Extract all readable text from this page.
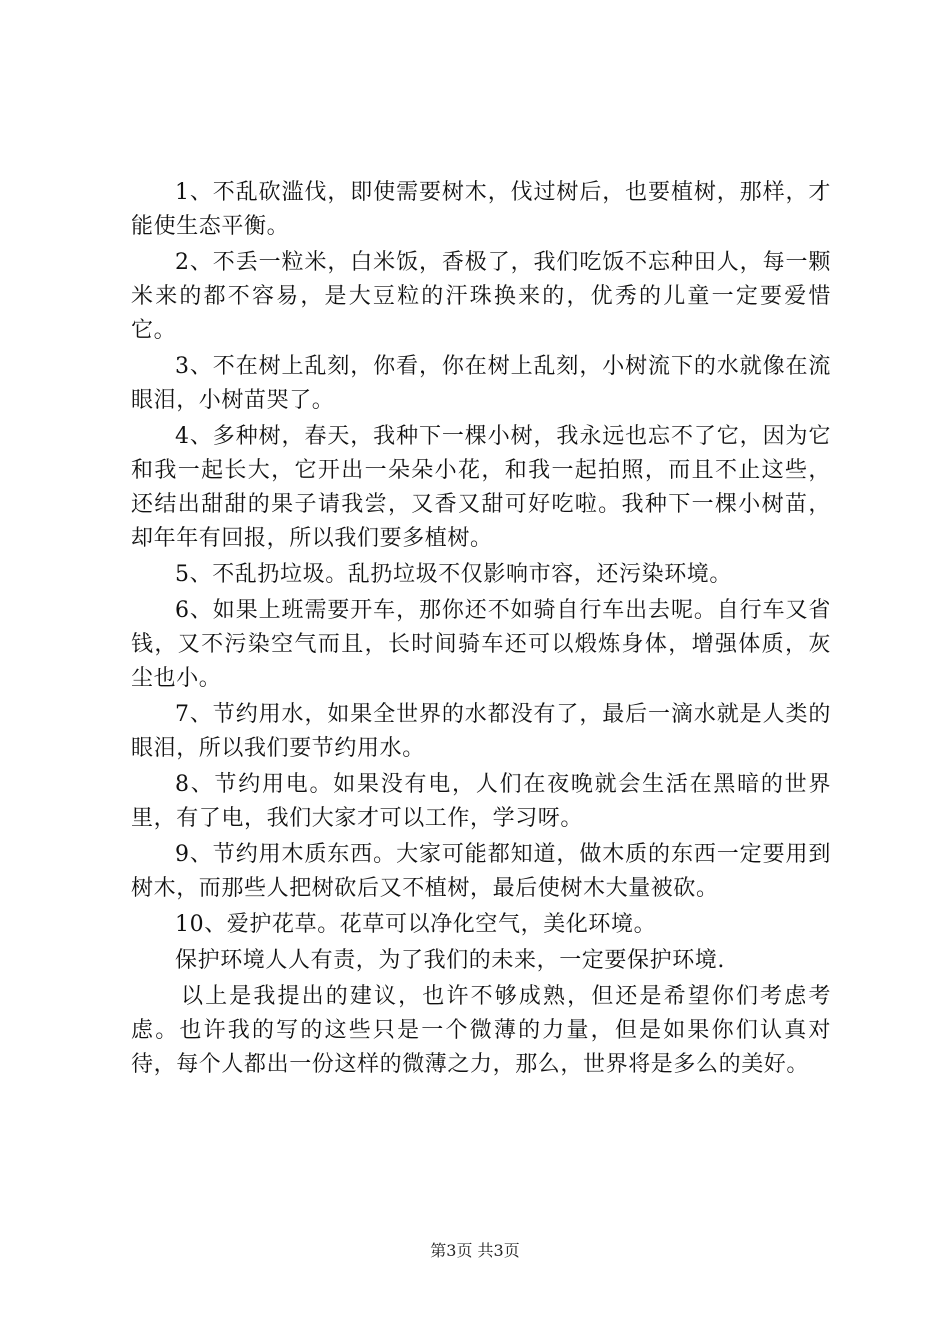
1、不乱砍滥伐，即使需要树木，伐过树后，也要植树，那样，才能使生态平衡。

2、不丢一粒米，白米饭，香极了，我们吃饭不忘种田人，每一颗米来的都不容易，是大豆粒的汗珠换来的，优秀的儿童一定要爱惜它。

3、不在树上乱刻，你看，你在树上乱刻，小树流下的水就像在流眼泪，小树苗哭了。

4、多种树，春天，我种下一棵小树，我永远也忘不了它，因为它和我一起长大，它开出一朵朵小花，和我一起拍照，而且不止这些，还结出甜甜的果子请我尝，又香又甜可好吃啦。我种下一棵小树苗，却年年有回报，所以我们要多植树。

5、不乱扔垃圾。乱扔垃圾不仅影响市容，还污染环境。

6、如果上班需要开车，那你还不如骑自行车出去呢。自行车又省钱，又不污染空气而且，长时间骑车还可以煅炼身体，增强体质，灰尘也小。

7、节约用水，如果全世界的水都没有了，最后一滴水就是人类的眼泪，所以我们要节约用水。

8、节约用电。如果没有电，人们在夜晚就会生活在黑暗的世界里，有了电，我们大家才可以工作，学习呀。

9、节约用木质东西。大家可能都知道，做木质的东西一定要用到树木，而那些人把树砍后又不植树，最后使树木大量被砍。

10、爱护花草。花草可以净化空气，美化环境。

保护环境人人有责，为了我们的未来，一定要保护环境.

以上是我提出的建议，也许不够成熟，但还是希望你们考虑考虑。也许我的写的这些只是一个微薄的力量，但是如果你们认真对待，每个人都出一份这样的微薄之力，那么，世界将是多么的美好。

第3页 共3页
